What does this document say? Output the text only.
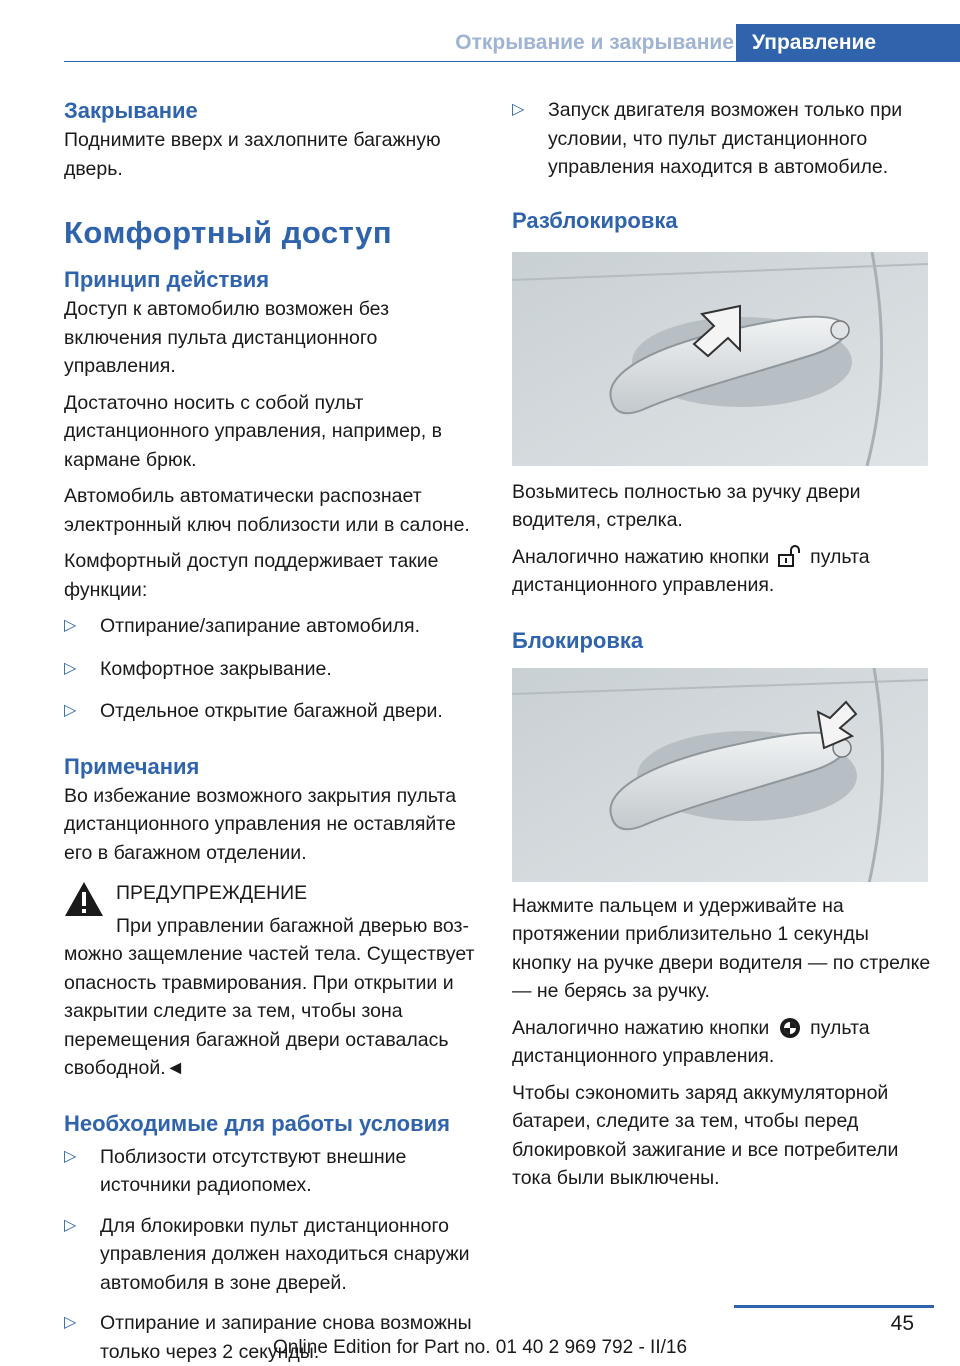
Открывание и закрывание Управление
Закрывание
Поднимите вверх и захлопните багажную дверь.
Комфортный доступ
Принцип действия
Доступ к автомобилю возможен без включения пульта дистанционного управления.
Достаточно носить с собой пульт дистанционного управления, например, в кармане брюк.
Автомобиль автоматически распознает электронный ключ поблизости или в салоне.
Комфортный доступ поддерживает такие функции:
▷ Отпирание/запирание автомобиля.
▷ Комфортное закрывание.
▷ Отдельное открытие багажной двери.
Примечания
Во избежание возможного закрытия пульта дистанционного управления не оставляйте его в багажном отделении.
ПРЕДУПРЕЖДЕНИЕ
При управлении багажной дверью воз-
можно защемление частей тела. Существует опасность травмирования. При открытии и закрытии следите за тем, чтобы зона перемещения багажной двери оставалась свободной.◄
Необходимые для работы условия
▷ Поблизости отсутствуют внешние источники радиопомех.
▷ Для блокировки пульт дистанционного управления должен находиться снаружи автомобиля в зоне дверей.
▷ Отпирание и запирание снова возможны только через 2 секунды.
▷ Запуск двигателя возможен только при условии, что пульт дистанционного управления находится в автомобиле.
Разблокировка
Возьмитесь полностью за ручку двери водителя, стрелка.
Аналогично нажатию кнопки пульта дистанционного управления.
Блокировка
Нажмите пальцем и удерживайте на протяжении приблизительно 1 секунды кнопку на ручке двери водителя — по стрелке — не берясь за ручку.
Аналогично нажатию кнопки пульта дистанционного управления.
Чтобы сэкономить заряд аккумуляторной батареи, следите за тем, чтобы перед блокировкой зажигание и все потребители тока были выключены.
45
Online Edition for Part no. 01 40 2 969 792 - II/16
